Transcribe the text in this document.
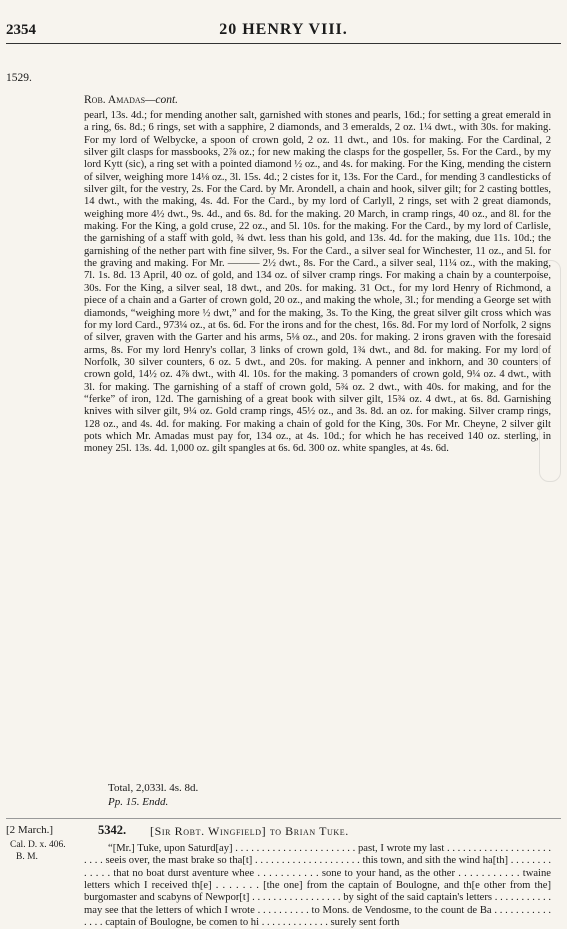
2354	20 HENRY VIII.
1529.
Rob. Amadas—cont.

pearl, 13s. 4d.; for mending another salt, garnished with stones and pearls, 16d.; for setting a great emerald in a ring, 6s. 8d.; 6 rings, set with a sapphire, 2 diamonds, and 3 emeralds, 2 oz. 1¼ dwt., with 30s. for making. For my lord of Welbycke, a spoon of crown gold, 2 oz. 11 dwt., and 10s. for making. For the Cardinal, 2 silver gilt clasps for massbooks, 2⅞ oz.; for new making the clasps for the gospeller, 5s. For the Card., by my lord Kytt (sic), a ring set with a pointed diamond ½ oz., and 4s. for making. For the King, mending the cistern of silver, weighing more 14⅛ oz., 3l. 15s. 4d.; 2 cistes for it, 13s. For the Card., for mending 3 candlesticks of silver gilt, for the vestry, 2s. For the Card. by Mr. Arondell, a chain and hook, silver gilt; for 2 casting bottles, 14 dwt., with the making, 4s. 4d. For the Card., by my lord of Carlyll, 2 rings, set with 2 great diamonds, weighing more 4½ dwt., 9s. 4d., and 6s. 8d. for the making. 20 March, in cramp rings, 40 oz., and 8l. for the making. For the King, a gold cruse, 22 oz., and 5l. 10s. for the making. For the Card., by my lord of Carlisle, the garnishing of a staff with gold, ¾ dwt. less than his gold, and 13s. 4d. for the making, due 11s. 10d.; the garnishing of the nether part with fine silver, 9s. For the Card., a silver seal for Winchester, 11 oz., and 5l. for the graving and making. For Mr. ——— 2½ dwt., 8s. For the Card., a silver seal, 11¼ oz., with the making, 7l. 1s. 8d. 13 April, 40 oz. of gold, and 134 oz. of silver cramp rings. For making a chain by a counterpoise, 30s. For the King, a silver seal, 18 dwt., and 20s. for making. 31 Oct., for my lord Henry of Richmond, a piece of a chain and a Garter of crown gold, 20 oz., and making the whole, 3l.; for mending a George set with diamonds, “weighing more ½ dwt,” and for the making, 3s. To the King, the great silver gilt cross which was for my lord Card., 973¼ oz., at 6s. 6d. For the irons and for the chest, 16s. 8d. For my lord of Norfolk, 2 signs of silver, graven with the Garter and his arms, 5⅛ oz., and 20s. for making. 2 irons graven with the foresaid arms, 8s. For my lord Henry's collar, 3 links of crown gold, 1¾ dwt., and 8d. for making. For my lord of Norfolk, 30 silver counters, 6 oz. 5 dwt., and 20s. for making. A penner and inkhorn, and 30 counters of crown gold, 14½ oz. 4⅞ dwt., with 4l. 10s. for the making. 3 pomanders of crown gold, 9¼ oz. 4 dwt., with 3l. for making. The garnishing of a staff of crown gold, 5¾ oz. 2 dwt., with 40s. for making, and for the “ferke” of iron, 12d. The garnishing of a great book with silver gilt, 15¾ oz. 4 dwt., at 6s. 8d. Garnishing knives with silver gilt, 9¼ oz. Gold cramp rings, 45½ oz., and 3s. 8d. an oz. for making. Silver cramp rings, 128 oz., and 4s. 4d. for making. For making a chain of gold for the King, 30s. For Mr. Cheyne, 2 silver gilt pots which Mr. Amadas must pay for, 134 oz., at 4s. 10d.; for which he has received 140 oz. sterling, in money 25l. 13s. 4d. 1,000 oz. gilt spangles at 6s. 6d. 300 oz. white spangles, at 4s. 6d.

Total, 2,033l. 4s. 8d.
Pp. 15. Endd.
[2 March.]
Cal. D. x. 406.
B. M.
5342. [Sir Robt. Wingfield] to Brian Tuke.

“[Mr.] Tuke, upon Saturd[ay] . . . . . . . . . . . . . . . . . . . . . . . past, I wrote my last . . . . . . . . . . . . . . . . . . . . . . . . seeis over, the mast brake so tha[t] . . . . . . . . . . . . . . . . . . . . this town, and sith the wind ha[th] . . . . . . . . . . . . . that no boat durst aventure whee . . . . . . . . . . . sone to your hand, as the other . . . . . . . . . . . twaine letters which I received th[e] . . . . . . . [the one] from the captain of Boulogne, and th[e other from the] burgomaster and scabyns of Newpor[t] . . . . . . . . . . . . . . . . . by sight of the said captain's letters . . . . . . . . . . . may see that the letters of which I wrote . . . . . . . . . . to Mons. de Vendosme, to the count de Ba . . . . . . . . . . . . . . . captain of Boulogne, be comen to hi . . . . . . . . . . . . . surely sent forth
